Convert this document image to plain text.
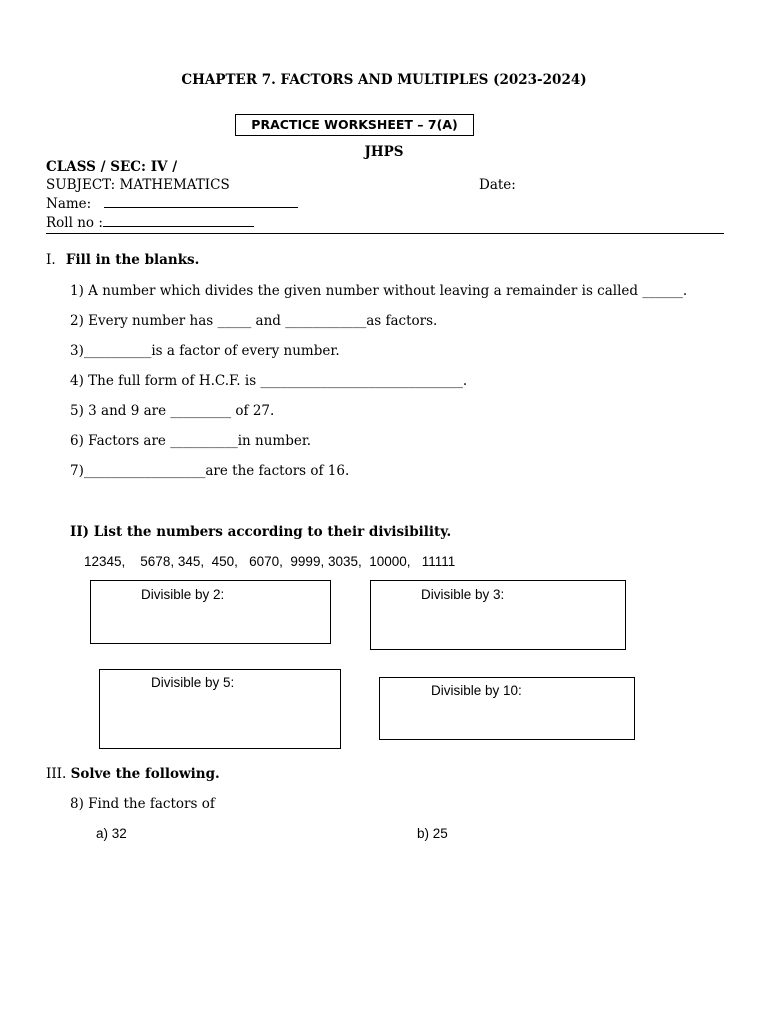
CHAPTER 7. FACTORS AND MULTIPLES (2023-2024)
PRACTICE WORKSHEET – 7(A)
JHPS
CLASS / SEC: IV /
SUBJECT: MATHEMATICS	Date:
Name:
Roll no :
I. Fill in the blanks.
1) A number which divides the given number without leaving a remainder is called ______.
2) Every number has _____ and ____________as factors.
3)__________is a factor of every number.
4) The full form of H.C.F. is ______________________________.
5) 3 and 9 are _________ of 27.
6) Factors are __________in number.
7)__________________are the factors of 16.
II) List the numbers according to their divisibility.
12345,    5678, 345,  450,   6070,  9999, 3035,  10000,   11111
Divisible by 2:	Divisible by 3:
Divisible by 5:
Divisible by 10:
III. Solve the following.
8) Find the factors of
a) 32	b) 25
